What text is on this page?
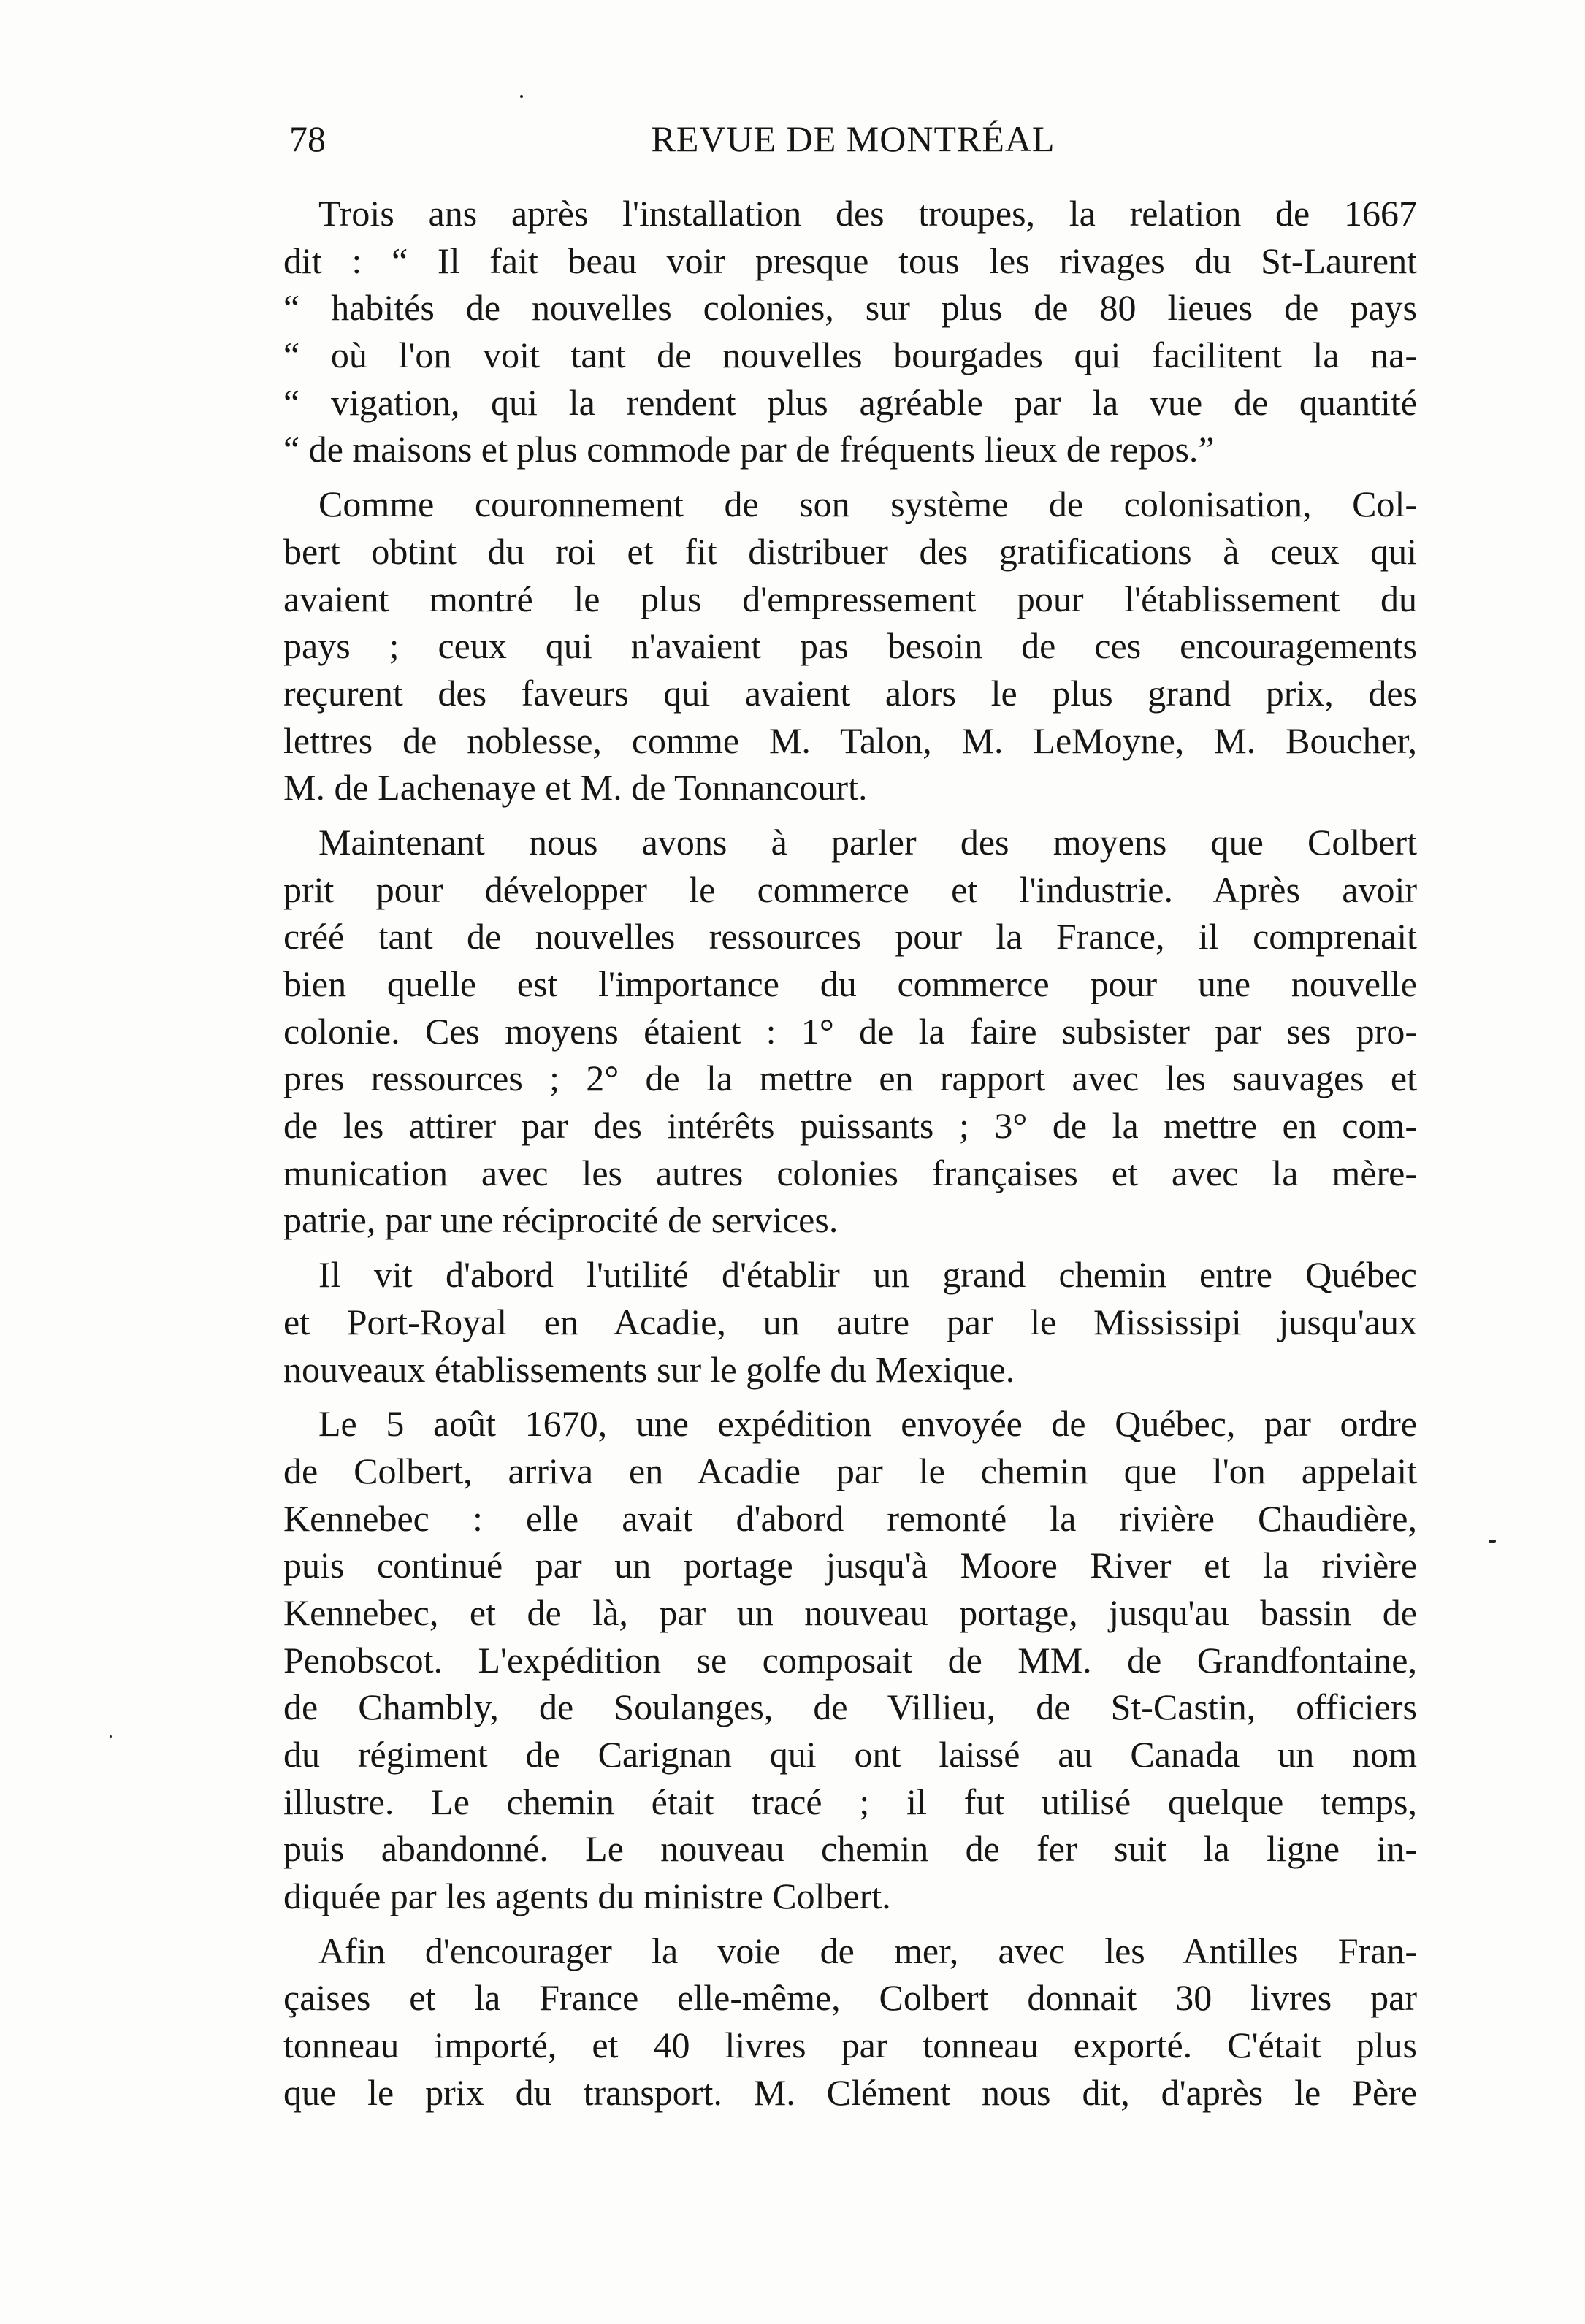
78	REVUE DE MONTRÉAL
Trois ans après l'installation des troupes, la relation de 1667
dit : “ Il fait beau voir presque tous les rivages du St-Laurent
“ habités de nouvelles colonies, sur plus de 80 lieues de pays
“ où l'on voit tant de nouvelles bourgades qui facilitent la na-
“ vigation, qui la rendent plus agréable par la vue de quantité
“ de maisons et plus commode par de fréquents lieux de repos.”
Comme couronnement de son système de colonisation, Col-
bert obtint du roi et fit distribuer des gratifications à ceux qui
avaient montré le plus d'empressement pour l'établissement du
pays ; ceux qui n'avaient pas besoin de ces encouragements
reçurent des faveurs qui avaient alors le plus grand prix, des
lettres de noblesse, comme M. Talon, M. LeMoyne, M. Boucher,
M. de Lachenaye et M. de Tonnancourt.
Maintenant nous avons à parler des moyens que Colbert
prit pour développer le commerce et l'industrie. Après avoir
créé tant de nouvelles ressources pour la France, il comprenait
bien quelle est l'importance du commerce pour une nouvelle
colonie. Ces moyens étaient : 1° de la faire subsister par ses pro-
pres ressources ; 2° de la mettre en rapport avec les sauvages et
de les attirer par des intérêts puissants ; 3° de la mettre en com-
munication avec les autres colonies françaises et avec la mère-
patrie, par une réciprocité de services.
Il vit d'abord l'utilité d'établir un grand chemin entre Québec
et Port-Royal en Acadie, un autre par le Mississipi jusqu'aux
nouveaux établissements sur le golfe du Mexique.
Le 5 août 1670, une expédition envoyée de Québec, par ordre
de Colbert, arriva en Acadie par le chemin que l'on appelait
Kennebec : elle avait d'abord remonté la rivière Chaudière,
puis continué par un portage jusqu'à Moore River et la rivière
Kennebec, et de là, par un nouveau portage, jusqu'au bassin de
Penobscot. L'expédition se composait de MM. de Grandfontaine,
de Chambly, de Soulanges, de Villieu, de St-Castin, officiers
du régiment de Carignan qui ont laissé au Canada un nom
illustre. Le chemin était tracé ; il fut utilisé quelque temps,
puis abandonné. Le nouveau chemin de fer suit la ligne in-
diquée par les agents du ministre Colbert.
Afin d'encourager la voie de mer, avec les Antilles Fran-
çaises et la France elle-même, Colbert donnait 30 livres par
tonneau importé, et 40 livres par tonneau exporté. C'était plus
que le prix du transport. M. Clément nous dit, d'après le Père
